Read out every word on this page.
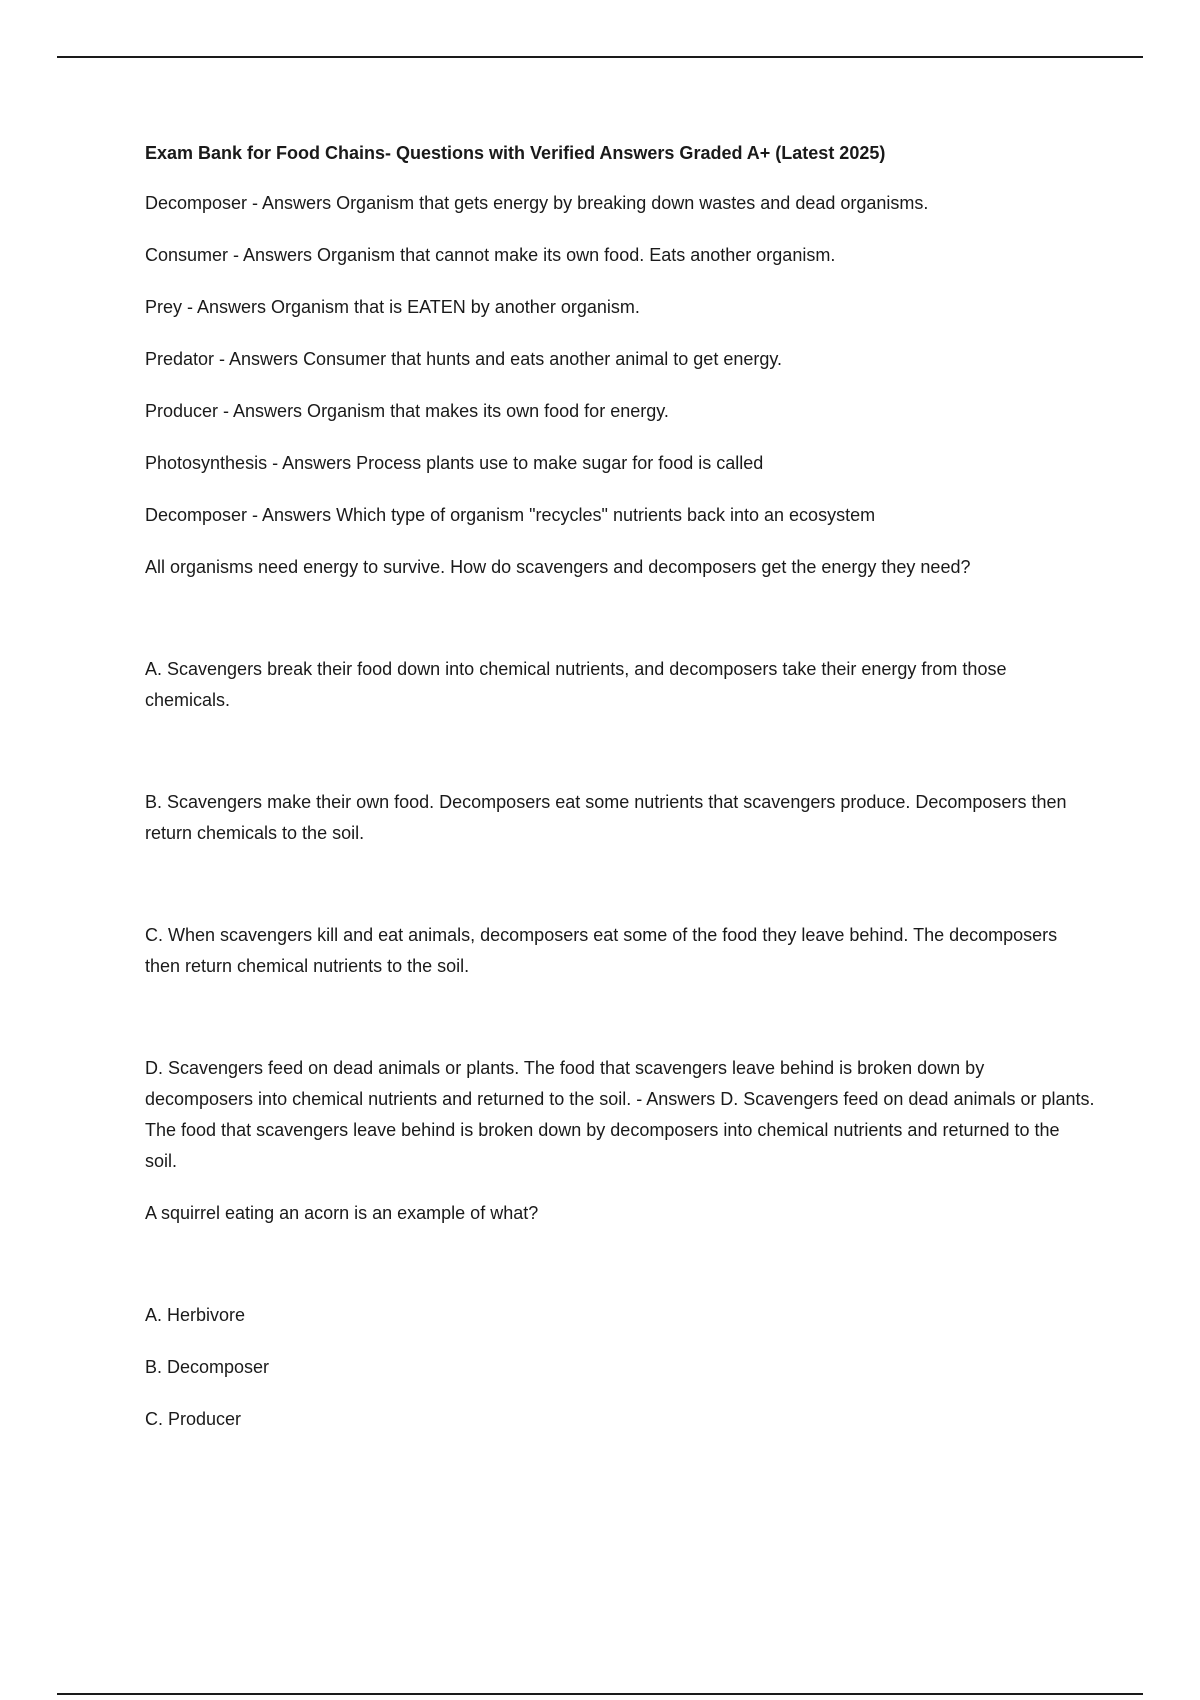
Exam Bank for Food Chains- Questions with Verified Answers Graded A+ (Latest 2025)
Decomposer - Answers Organism that gets energy by breaking down wastes and dead organisms.
Consumer - Answers Organism that cannot make its own food. Eats another organism.
Prey - Answers Organism that is EATEN by another organism.
Predator - Answers Consumer that hunts and eats another animal to get energy.
Producer - Answers Organism that makes its own food for energy.
Photosynthesis - Answers Process plants use to make sugar for food is called
Decomposer - Answers Which type of organism "recycles" nutrients back into an ecosystem
All organisms need energy to survive. How do scavengers and decomposers get the energy they need?
A. Scavengers break their food down into chemical nutrients, and decomposers take their energy from those chemicals.
B. Scavengers make their own food. Decomposers eat some nutrients that scavengers produce. Decomposers then return chemicals to the soil.
C. When scavengers kill and eat animals, decomposers eat some of the food they leave behind. The decomposers then return chemical nutrients to the soil.
D. Scavengers feed on dead animals or plants. The food that scavengers leave behind is broken down by decomposers into chemical nutrients and returned to the soil. - Answers D. Scavengers feed on dead animals or plants. The food that scavengers leave behind is broken down by decomposers into chemical nutrients and returned to the soil.
A squirrel eating an acorn is an example of what?
A. Herbivore
B. Decomposer
C. Producer
